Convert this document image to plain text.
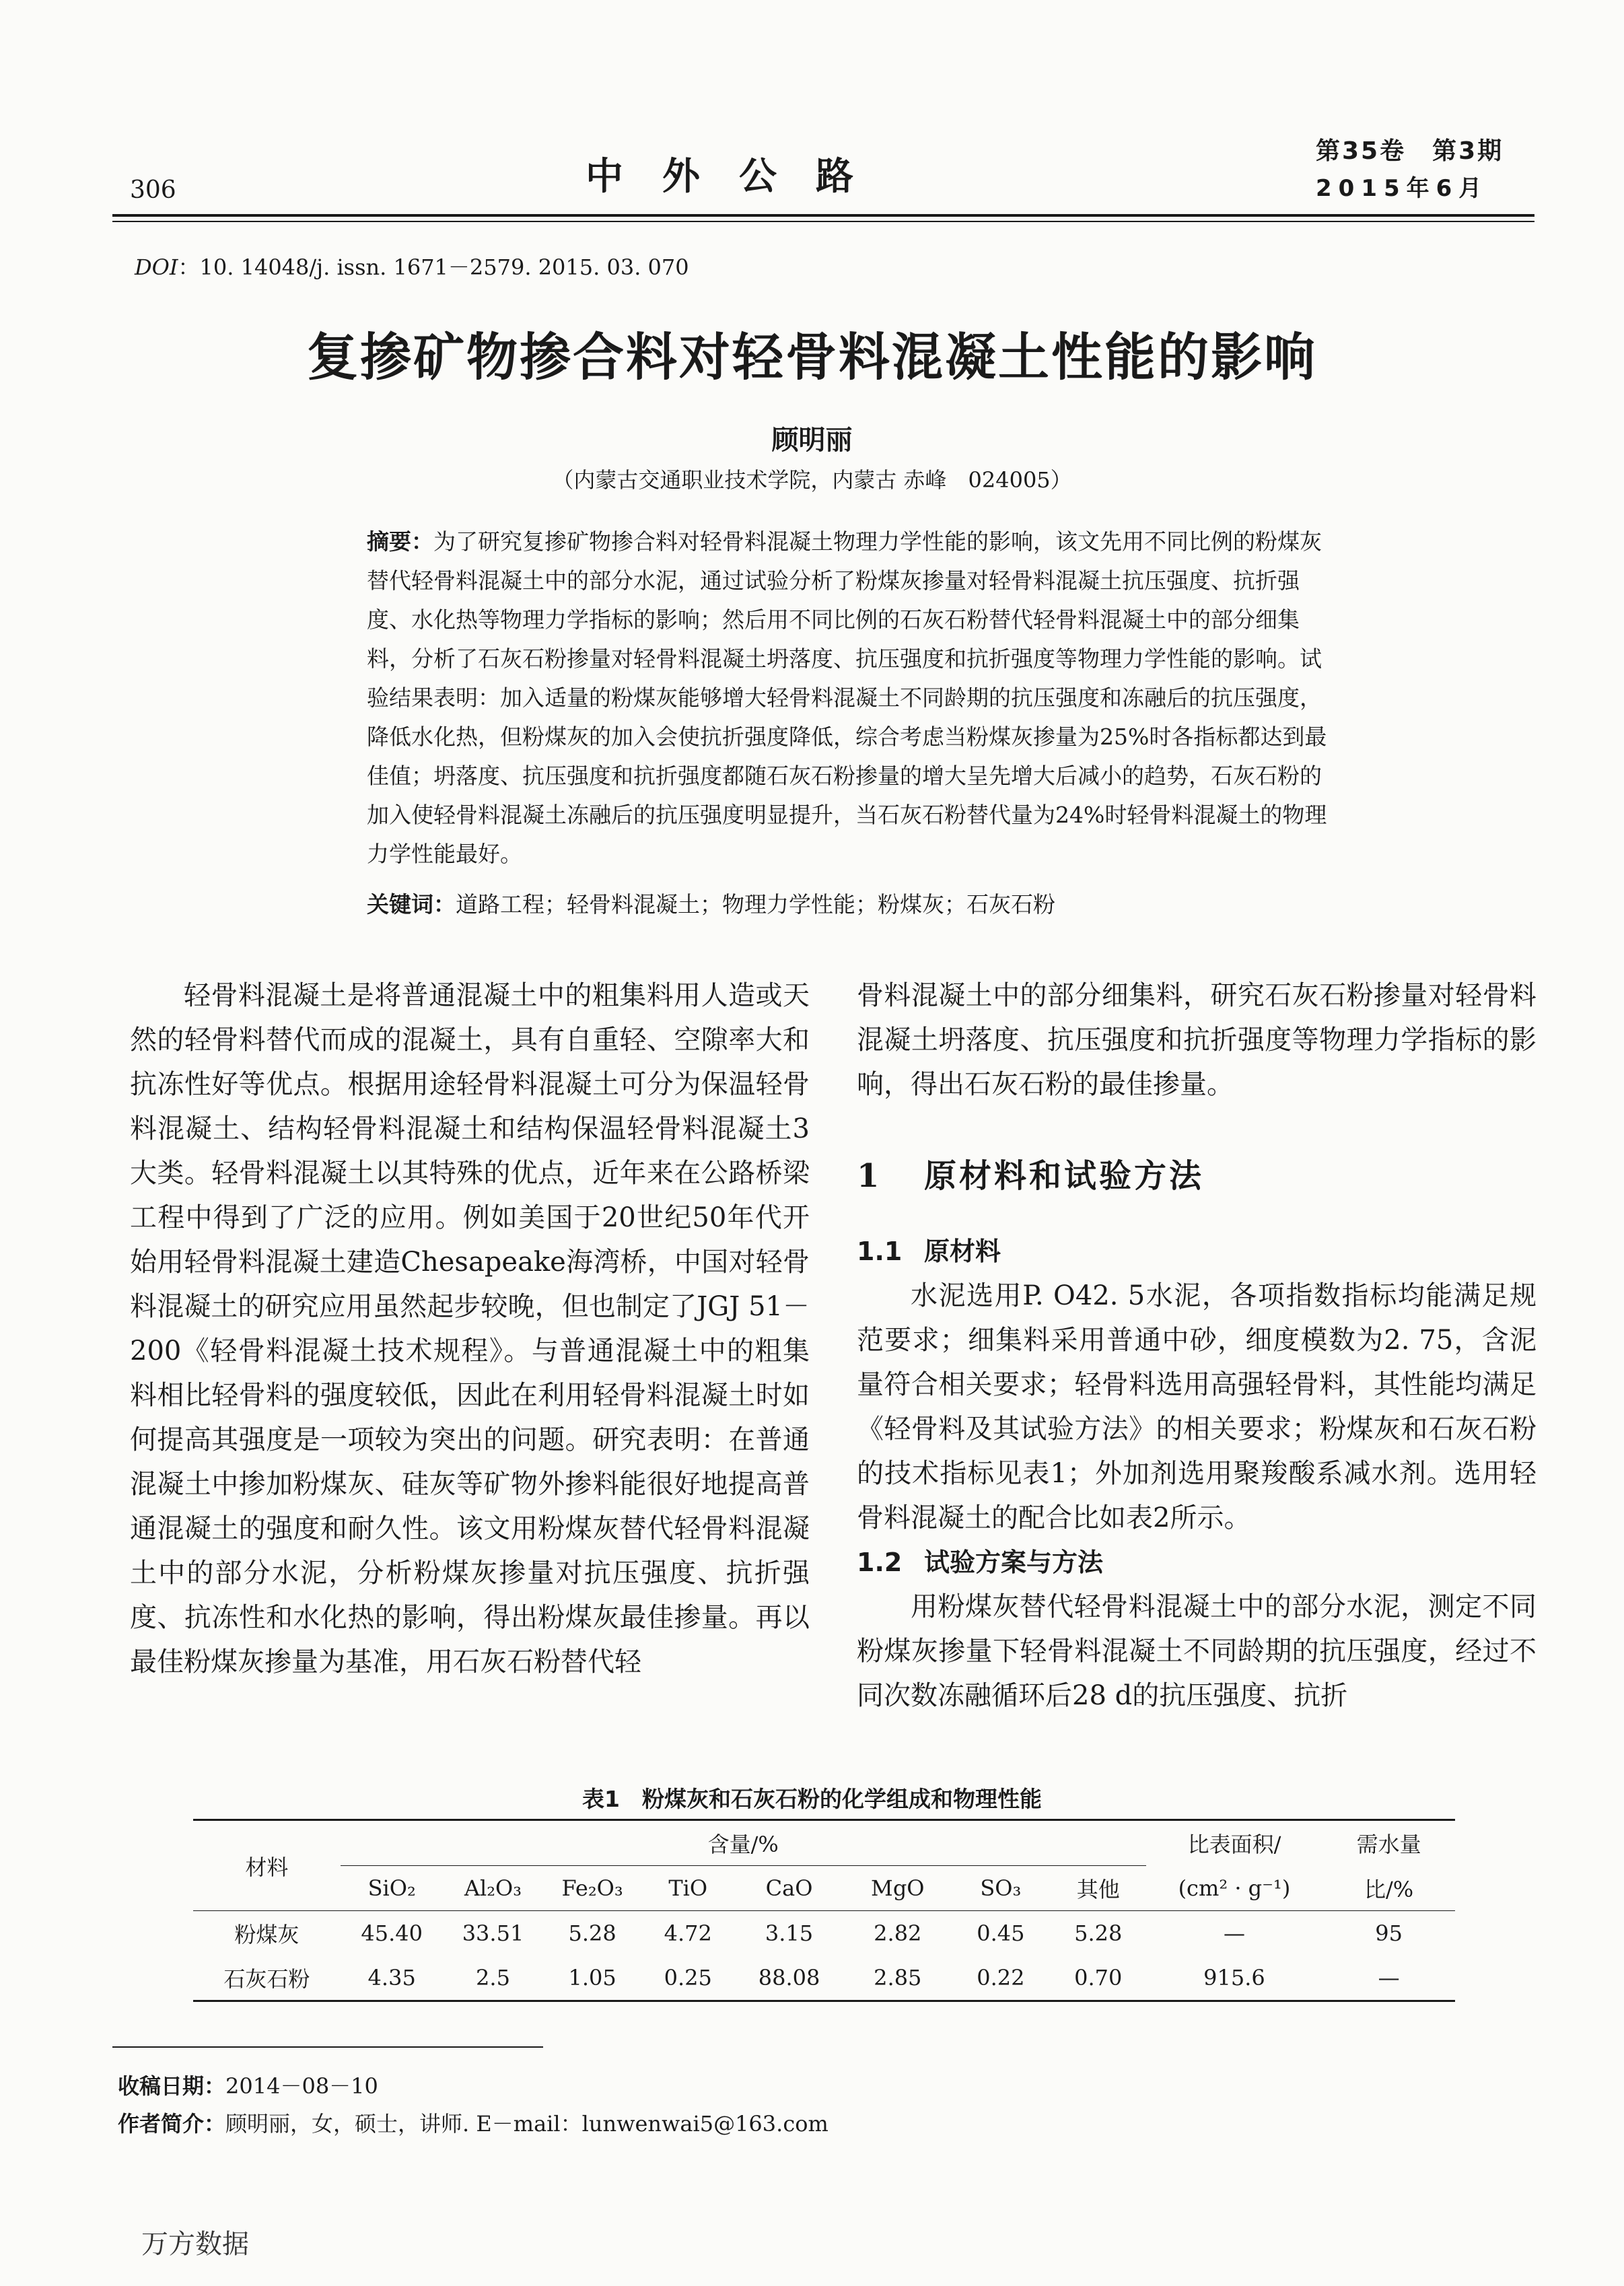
306	中外公路
第35卷　第3期
2015年6月
DOI：10. 14048/j. issn. 1671－2579. 2015. 03. 070
复掺矿物掺合料对轻骨料混凝土性能的影响
顾明丽
（内蒙古交通职业技术学院，内蒙古 赤峰　024005）
摘要：为了研究复掺矿物掺合料对轻骨料混凝土物理力学性能的影响，该文先用不同比例的粉煤灰替代轻骨料混凝土中的部分水泥，通过试验分析了粉煤灰掺量对轻骨料混凝土抗压强度、抗折强度、水化热等物理力学指标的影响；然后用不同比例的石灰石粉替代轻骨料混凝土中的部分细集料，分析了石灰石粉掺量对轻骨料混凝土坍落度、抗压强度和抗折强度等物理力学性能的影响。试验结果表明：加入适量的粉煤灰能够增大轻骨料混凝土不同龄期的抗压强度和冻融后的抗压强度，降低水化热，但粉煤灰的加入会使抗折强度降低，综合考虑当粉煤灰掺量为25%时各指标都达到最佳值；坍落度、抗压强度和抗折强度都随石灰石粉掺量的增大呈先增大后减小的趋势，石灰石粉的加入使轻骨料混凝土冻融后的抗压强度明显提升，当石灰石粉替代量为24%时轻骨料混凝土的物理力学性能最好。
关键词：道路工程；轻骨料混凝土；物理力学性能；粉煤灰；石灰石粉

轻骨料混凝土是将普通混凝土中的粗集料用人造或天然的轻骨料替代而成的混凝土，具有自重轻、空隙率大和抗冻性好等优点。根据用途轻骨料混凝土可分为保温轻骨料混凝土、结构轻骨料混凝土和结构保温轻骨料混凝土3大类。轻骨料混凝土以其特殊的优点，近年来在公路桥梁工程中得到了广泛的应用。例如美国于20世纪50年代开始用轻骨料混凝土建造Chesapeake海湾桥，中国对轻骨料混凝土的研究应用虽然起步较晚，但也制定了JGJ 51－200《轻骨料混凝土技术规程》。与普通混凝土中的粗集料相比轻骨料的强度较低，因此在利用轻骨料混凝土时如何提高其强度是一项较为突出的问题。研究表明：在普通混凝土中掺加粉煤灰、硅灰等矿物外掺料能很好地提高普通混凝土的强度和耐久性。该文用粉煤灰替代轻骨料混凝土中的部分水泥，分析粉煤灰掺量对抗压强度、抗折强度、抗冻性和水化热的影响，得出粉煤灰最佳掺量。再以最佳粉煤灰掺量为基准，用石灰石粉替代轻

骨料混凝土中的部分细集料，研究石灰石粉掺量对轻骨料混凝土坍落度、抗压强度和抗折强度等物理力学指标的影响，得出石灰石粉的最佳掺量。

1 原材料和试验方法
1.1 原材料

水泥选用P. O42. 5水泥，各项指数指标均能满足规范要求；细集料采用普通中砂，细度模数为2. 75，含泥量符合相关要求；轻骨料选用高强轻骨料，其性能均满足《轻骨料及其试验方法》的相关要求；粉煤灰和石灰石粉的技术指标见表1；外加剂选用聚羧酸系减水剂。选用轻骨料混凝土的配合比如表2所示。

1.2 试验方案与方法

用粉煤灰替代轻骨料混凝土中的部分水泥，测定不同粉煤灰掺量下轻骨料混凝土不同龄期的抗压强度，经过不同次数冻融循环后28 d的抗压强度、抗折

表1　粉煤灰和石灰石粉的化学组成和物理性能
材料	含量/%								比表面积/	需水量
	SiO₂	Al₂O₃	Fe₂O₃	TiO	CaO	MgO	SO₃	其他	(cm² · g⁻¹)	比/%
粉煤灰	45.40	33.51	5.28	4.72	3.15	2.82	0.45	5.28	—	95
石灰石粉	4.35	2.5	1.05	0.25	88.08	2.85	0.22	0.70	915.6	—
收稿日期：2014－08－10
作者简介：顾明丽，女，硕士，讲师. E－mail：lunwenwai5@163.com
万方数据
